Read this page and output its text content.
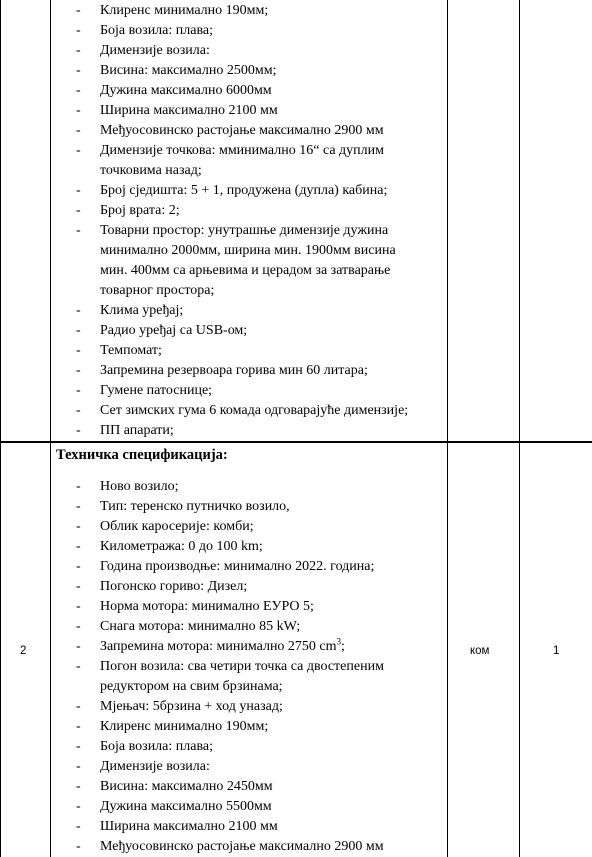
- Клиренс минимално 190мм;
- Боја возила: плава;
- Димензије возила:
- Висина: максимално 2500мм;
- Дужина максимално 6000мм
- Ширина максимално 2100 мм
- Међуосовинско растојање максимално 2900 мм
- Димензије точкова: мминимално 16“ са дуплим
точковима назад;
- Број сједишта: 5 + 1, продужена (дупла) кабина;
- Број врата: 2;
- Товарни простор: унутрашње димензије дужина
минимално 2000мм, ширина мин. 1900мм висина
мин. 400мм са арњевима и церадом за затварање
товарног простора;
- Клима уређај;
- Радио уређај са USB-ом;
- Темпомат;
- Запремина резервоара горива мин 60 литара;
- Гумене патоснице;
- Сет зимских гума 6 комада одговарајуће димензије;
- ПП апарати;
Техничка спецификација:
- Ново возило;
- Тип: теренско путничко возило,
- Облик каросерије: комби;
- Километража: 0 до 100 km;
- Година производње: минимално 2022. година;
- Погонско гориво: Дизел;
- Норма мотора: минимално ЕУРО 5;
- Снага мотора: минимално 85 kW;
- Запремина мотора: минимално 2750 $cm^3$;
- Погон возила: сва четири точка са двостепеним
редуктором на свим брзинама;
- Мјењач: 5брзина + ход уназад;
- Клиренс минимално 190мм;
- Боја возила: плава;
- Димензије возила:
- Висина: максимално 2450мм
- Дужина максимално 5500мм
- Ширина максимално 2100 мм
- Међуосовинско растојање максимално 2900 мм
2	ком	1
